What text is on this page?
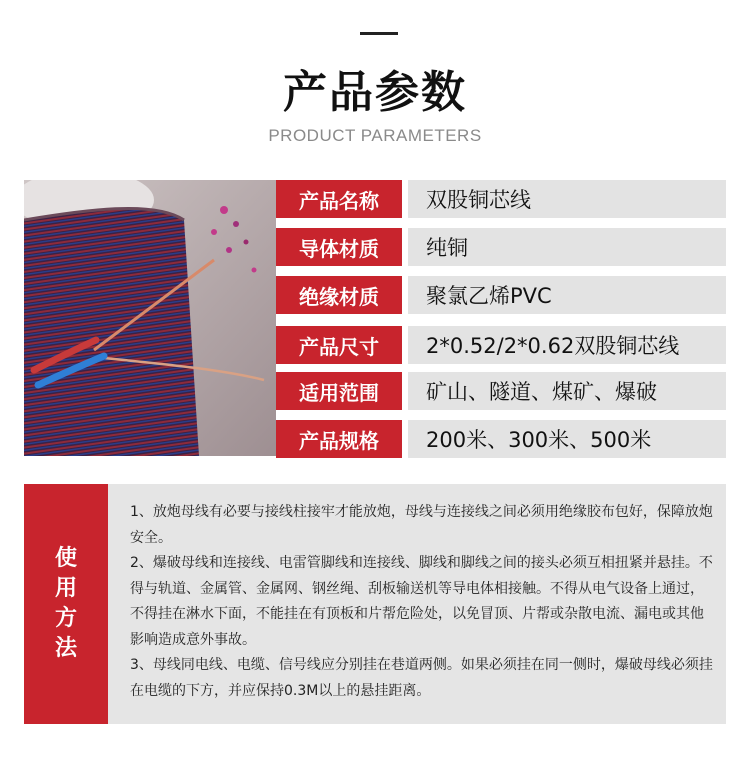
产品参数
PRODUCT PARAMETERS
产品名称	双股铜芯线
导体材质	纯铜
绝缘材质	聚氯乙烯PVC
产品尺寸	2*0.52/2*0.62双股铜芯线
适用范围	矿山、隧道、煤矿、爆破
产品规格	200米、300米、500米
使用方法

1、放炮母线有必要与接线柱接牢才能放炮，母线与连接线之间必须用绝缘胶布包好，保障放炮安全。

2、爆破母线和连接线、电雷管脚线和连接线、脚线和脚线之间的接头必须互相扭紧并悬挂。不得与轨道、金属管、金属网、钢丝绳、刮板输送机等导电体相接触。不得从电气设备上通过，不得挂在淋水下面，不能挂在有顶板和片帮危险处，以免冒顶、片帮或杂散电流、漏电或其他影响造成意外事故。

3、母线同电线、电缆、信号线应分别挂在巷道两侧。如果必须挂在同一侧时，爆破母线必须挂在电缆的下方，并应保持0.3M以上的悬挂距离。
